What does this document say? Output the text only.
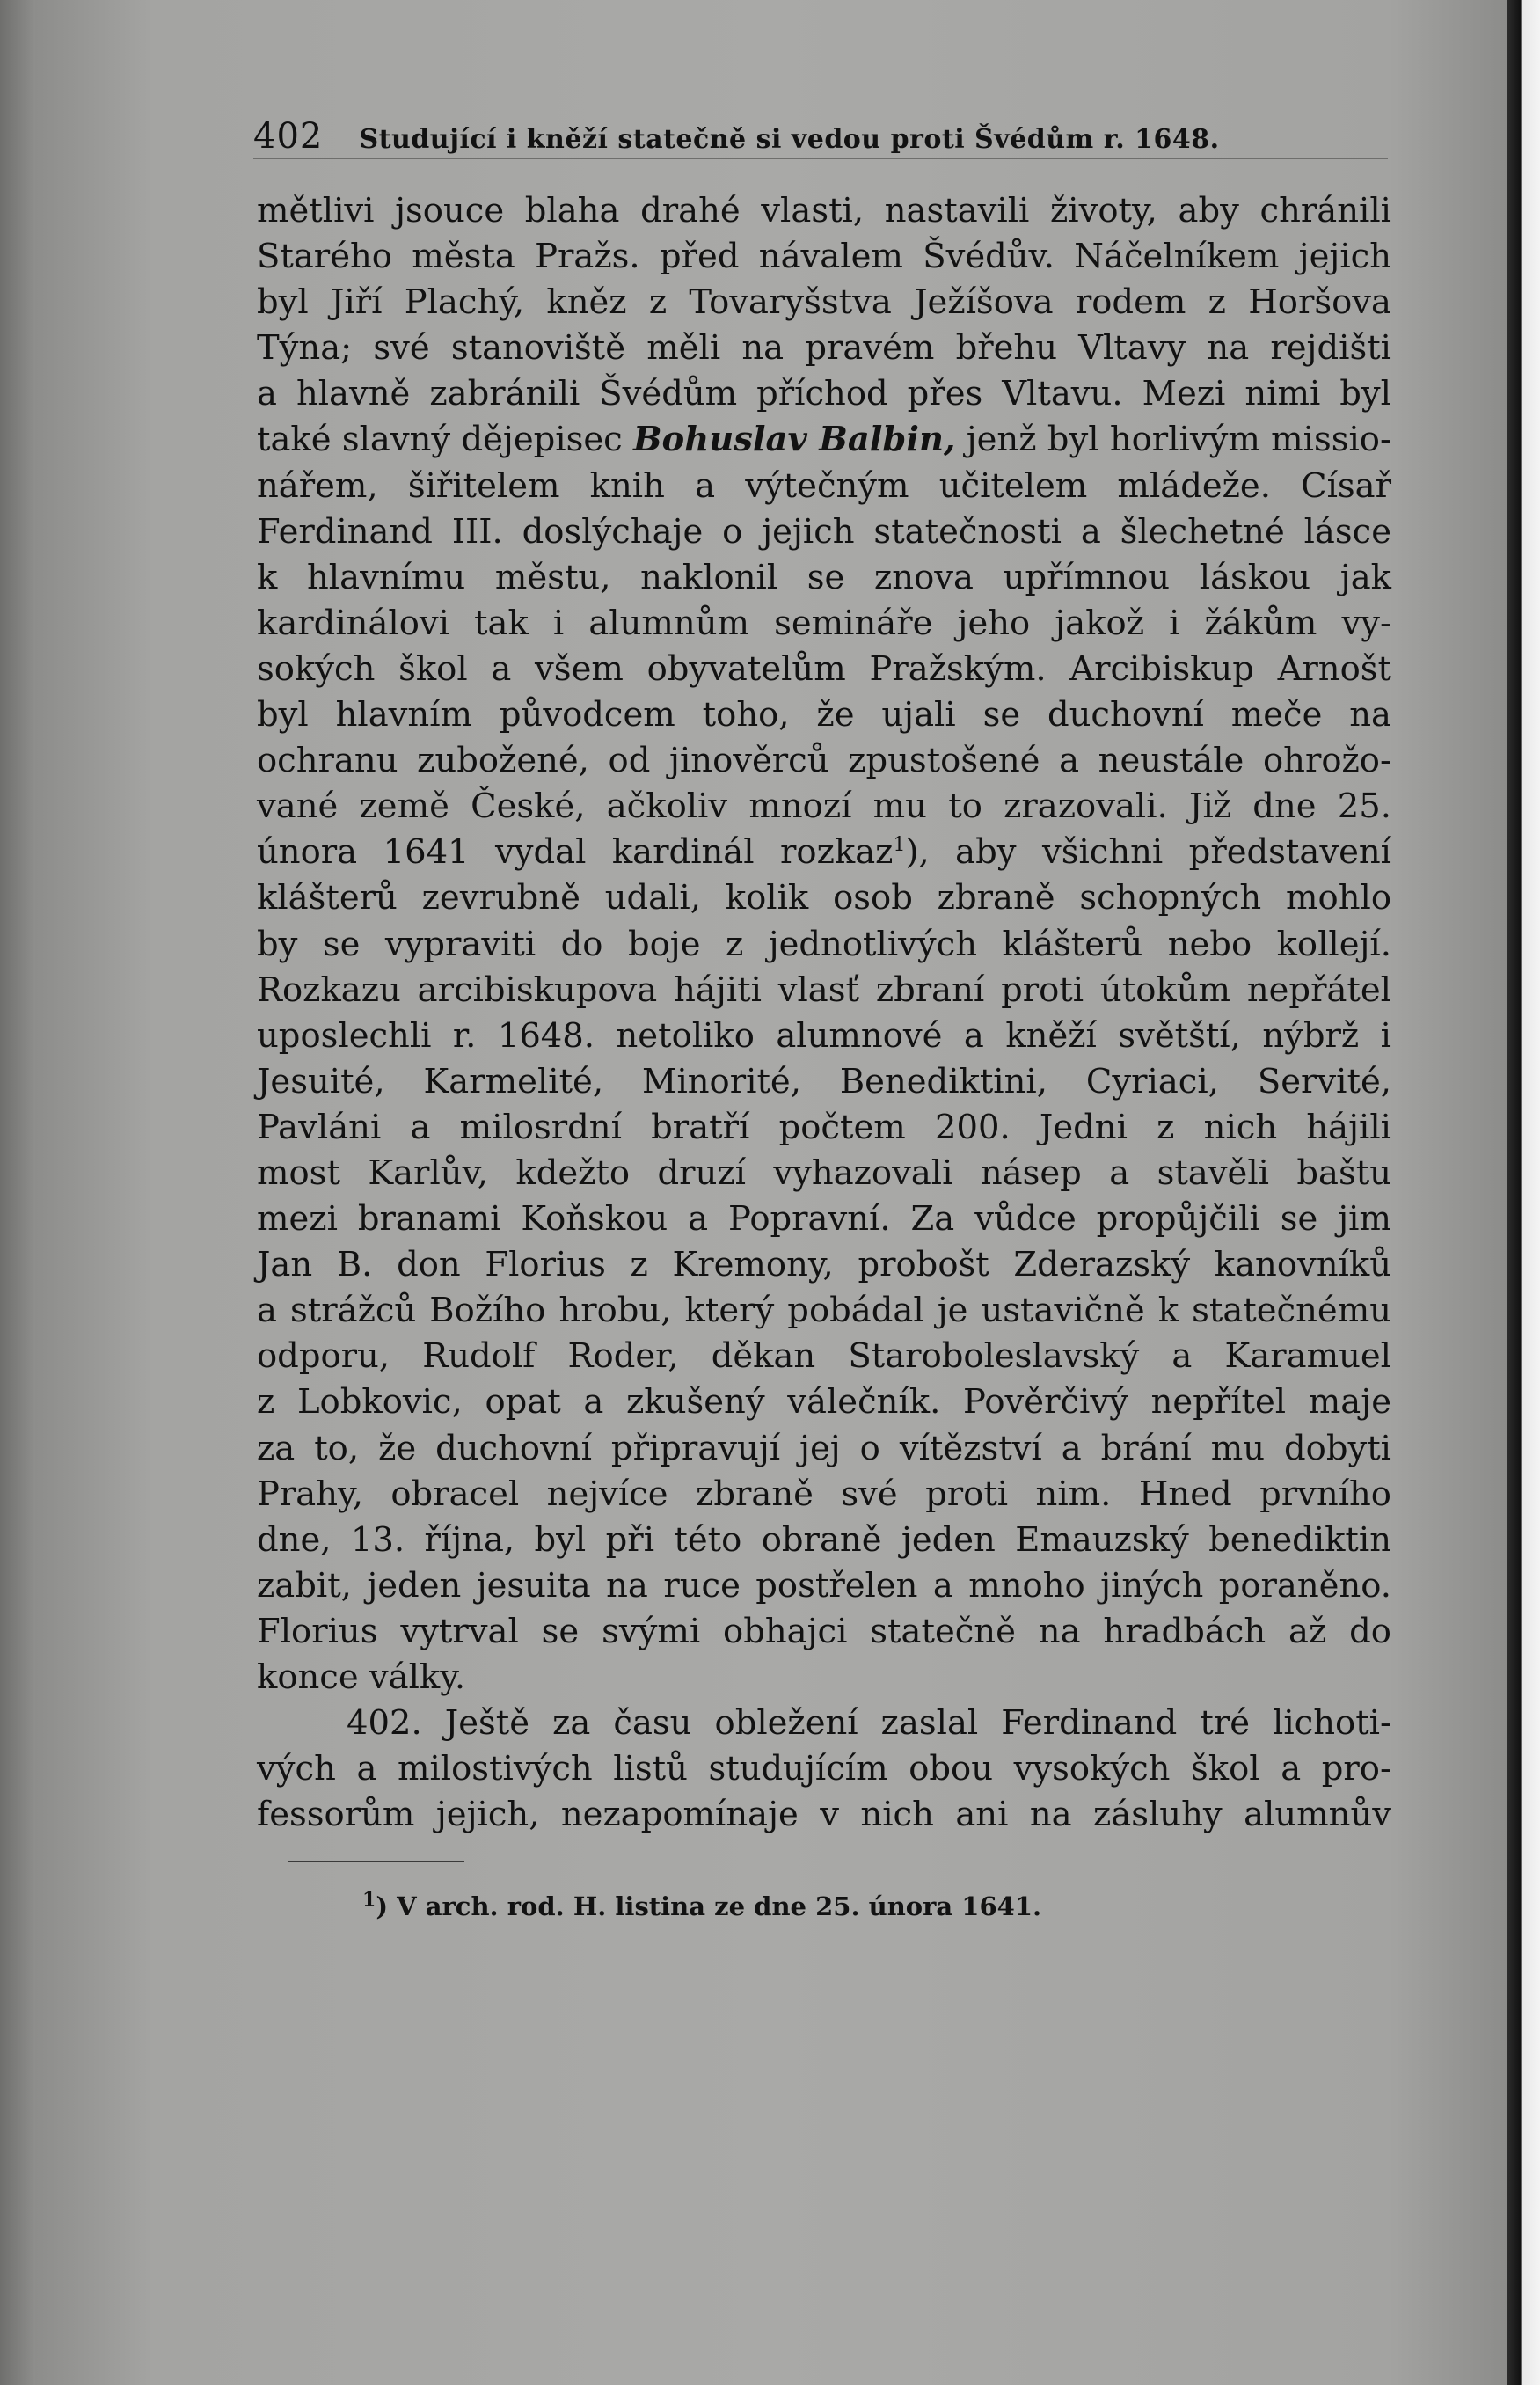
402 Studující i kněží statečně si vedou proti Švédům r. 1648.
mětlivi jsouce blaha drahé vlasti, nastavili životy, aby chránili
Starého města Pražs. před návalem Švédův. Náčelníkem jejich
byl Jiří Plachý, kněz z Tovaryšstva Ježíšova rodem z Horšova
Týna; své stanoviště měli na pravém břehu Vltavy na rejdišti
a hlavně zabránili Švédům příchod přes Vltavu. Mezi nimi byl
také slavný dějepisec Bohuslav Balbin, jenž byl horlivým missio-
nářem, šiřitelem knih a výtečným učitelem mládeže. Císař
Ferdinand III. doslýchaje o jejich statečnosti a šlechetné lásce
k hlavnímu městu, naklonil se znova upřímnou láskou jak
kardinálovi tak i alumnům semináře jeho jakož i žákům vy-
sokých škol a všem obyvatelům Pražským. Arcibiskup Arnošt
byl hlavním původcem toho, že ujali se duchovní meče na
ochranu zubožené, od jinověrců zpustošené a neustále ohrožo-
vané země České, ačkoliv mnozí mu to zrazovali. Již dne 25.
února 1641 vydal kardinál rozkaz$^1$), aby všichni představení
klášterů zevrubně udali, kolik osob zbraně schopných mohlo
by se vypraviti do boje z jednotlivých klášterů nebo kollejí.
Rozkazu arcibiskupova hájiti vlasť zbraní proti útokům nepřátel
uposlechli r. 1648. netoliko alumnové a kněží světští, nýbrž i
Jesuité, Karmelité, Minorité, Benediktini, Cyriaci, Servité,
Pavláni a milosrdní bratří počtem 200. Jedni z nich hájili
most Karlův, kdežto druzí vyhazovali násep a stavěli baštu
mezi branami Koňskou a Popravní. Za vůdce propůjčili se jim
Jan B. don Florius z Kremony, probošt Zderazský kanovníků
a strážců Božího hrobu, který pobádal je ustavičně k statečnému
odporu, Rudolf Roder, děkan Staroboleslavský a Karamuel
z Lobkovic, opat a zkušený válečník. Pověrčivý nepřítel maje
za to, že duchovní připravují jej o vítězství a brání mu dobyti
Prahy, obracel nejvíce zbraně své proti nim. Hned prvního
dne, 13. října, byl při této obraně jeden Emauzský benediktin
zabit, jeden jesuita na ruce postřelen a mnoho jiných poraněno.
Florius vytrval se svými obhajci statečně na hradbách až do
konce války.
402. Ještě za času obležení zaslal Ferdinand tré lichoti-
vých a milostivých listů studujícím obou vysokých škol a pro-
fessorům jejich, nezapomínaje v nich ani na zásluhy alumnův
$^1$) V arch. rod. H. listina ze dne 25. února 1641.
